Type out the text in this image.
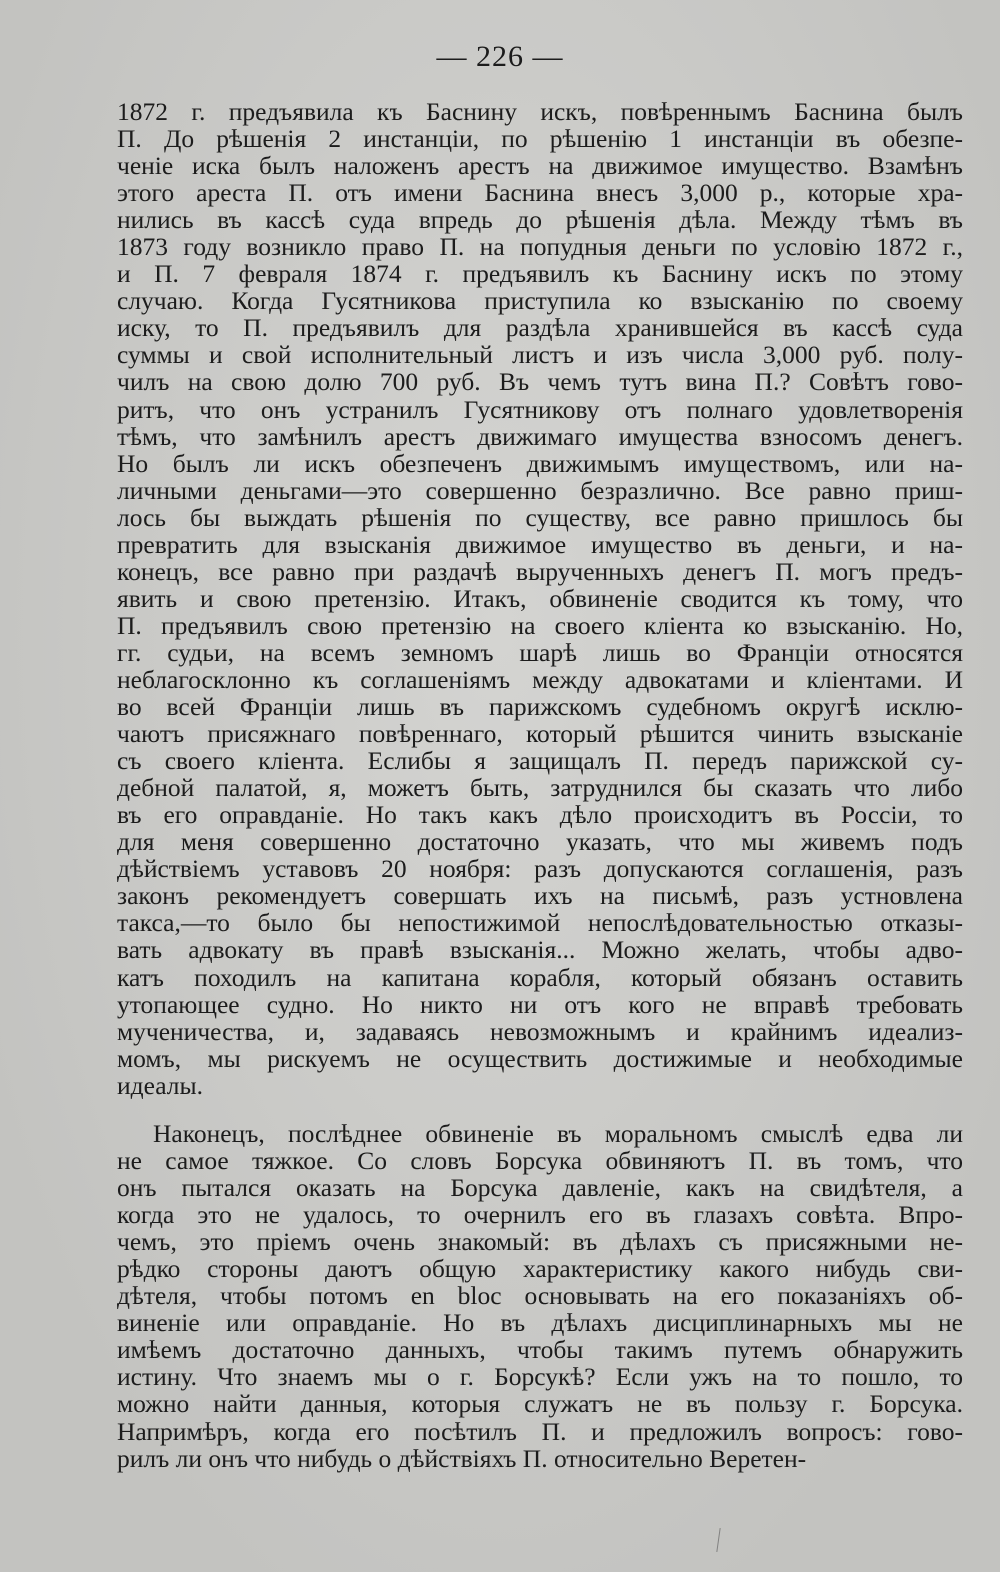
— 226 —
1872 г. предъявила къ Баснину искъ, повѣреннымъ Баснина былъ
П. До рѣшенія 2 инстанціи, по рѣшенію 1 инстанціи въ обезпе-
ченіе иска былъ наложенъ арестъ на движимое имущество. Взамѣнъ
этого ареста П. отъ имени Баснина внесъ 3,000 р., которые хра-
нились въ кассѣ суда впредь до рѣшенія дѣла. Между тѣмъ въ
1873 году возникло право П. на попудныя деньги по условію 1872 г.,
и П. 7 февраля 1874 г. предъявилъ къ Баснину искъ по этому
случаю. Когда Гусятникова приступила ко взысканію по своему
иску, то П. предъявилъ для раздѣла хранившейся въ кассѣ суда
суммы и свой исполнительный листъ и изъ числа 3,000 руб. полу-
чилъ на свою долю 700 руб. Въ чемъ тутъ вина П.? Совѣтъ гово-
ритъ, что онъ устранилъ Гусятникову отъ полнаго удовлетворенія
тѣмъ, что замѣнилъ арестъ движимаго имущества взносомъ денегъ.
Но былъ ли искъ обезпеченъ движимымъ имуществомъ, или на-
личными деньгами—это совершенно безразлично. Все равно приш-
лось бы выждать рѣшенія по существу, все равно пришлось бы
превратить для взысканія движимое имущество въ деньги, и на-
конецъ, все равно при раздачѣ вырученныхъ денегъ П. могъ предъ-
явить и свою претензію. Итакъ, обвиненіе сводится къ тому, что
П. предъявилъ свою претензію на своего кліента ко взысканію. Но,
гг. судьи, на всемъ земномъ шарѣ лишь во Франціи относятся
неблагосклонно къ соглашеніямъ между адвокатами и кліентами. И
во всей Франціи лишь въ парижскомъ судебномъ округѣ исклю-
чаютъ присяжнаго повѣреннаго, который рѣшится чинить взысканіе
съ своего кліента. Еслибы я защищалъ П. передъ парижской су-
дебной палатой, я, можетъ быть, затруднился бы сказать что либо
въ его оправданіе. Но такъ какъ дѣло происходитъ въ Россіи, то
для меня совершенно достаточно указать, что мы живемъ подъ
дѣйствіемъ уставовъ 20 ноября: разъ допускаются соглашенія, разъ
законъ рекомендуетъ совершать ихъ на письмѣ, разъ устновлена
такса,—то было бы непостижимой непослѣдовательностью отказы-
вать адвокату въ правѣ взысканія... Можно желать, чтобы адво-
катъ походилъ на капитана корабля, который обязанъ оставить
утопающее судно. Но никто ни отъ кого не вправѣ требовать
мученичества, и, задаваясь невозможнымъ и крайнимъ идеализ-
момъ, мы рискуемъ не осуществить достижимые и необходимые
идеалы.
Наконецъ, послѣднее обвиненіе въ моральномъ смыслѣ едва ли
не самое тяжкое. Со словъ Борсука обвиняютъ П. въ томъ, что
онъ пытался оказать на Борсука давленіе, какъ на свидѣтеля, а
когда это не удалось, то очернилъ его въ глазахъ совѣта. Впро-
чемъ, это пріемъ очень знакомый: въ дѣлахъ съ присяжными не-
рѣдко стороны даютъ общую характеристику какого нибудь сви-
дѣтеля, чтобы потомъ en bloc основывать на его показаніяхъ об-
виненіе или оправданіе. Но въ дѣлахъ дисциплинарныхъ мы не
имѣемъ достаточно данныхъ, чтобы такимъ путемъ обнаружить
истину. Что знаемъ мы о г. Борсукѣ? Если ужъ на то пошло, то
можно найти данныя, которыя служатъ не въ пользу г. Борсука.
Напримѣръ, когда его посѣтилъ П. и предложилъ вопросъ: гово-
рилъ ли онъ что нибудь о дѣйствіяхъ П. относительно Веретен-
